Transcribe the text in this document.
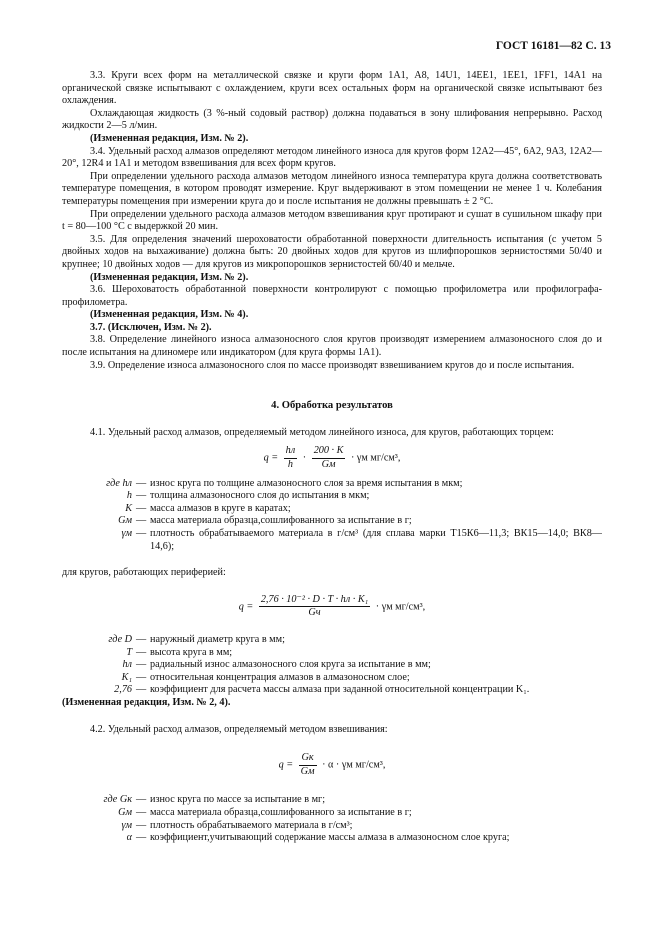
ГОСТ 16181—82 С. 13

3.3. Круги всех форм на металлической связке и круги форм 1А1, А8, 14U1, 14ЕЕ1, 1ЕЕ1, 1FF1, 14А1 на органической связке испытывают с охлаждением, круги всех остальных форм на органической связке испытывают без охлаждения.

Охлаждающая жидкость (3 %-ный содовый раствор) должна подаваться в зону шлифования непрерывно. Расход жидкости 2—5 л/мин.

(Измененная редакция, Изм. № 2).

3.4. Удельный расход алмазов определяют методом линейного износа для кругов форм 12А2—45°, 6А2, 9А3, 12А2—20°, 12R4 и 1А1 и методом взвешивания для всех форм кругов.

При определении удельного расхода алмазов методом линейного износа температура круга должна соответствовать температуре помещения, в котором проводят измерение. Круг выдерживают в этом помещении не менее 1 ч. Колебания температуры помещения при измерении круга до и после испытания не должны превышать ± 2 °С.

При определении удельного расхода алмазов методом взвешивания круг протирают и сушат в сушильном шкафу при t = 80—100 °С с выдержкой 20 мин.

3.5. Для определения значений шероховатости обработанной поверхности длительность испытания (с учетом 5 двойных ходов на выхаживание) должна быть: 20 двойных ходов для кругов из шлифпорошков зернистостями 50/40 и крупнее; 10 двойных ходов — для кругов из микропорошков зернистостей 60/40 и мельче.

(Измененная редакция, Изм. № 2).

3.6. Шероховатость обработанной поверхности контролируют с помощью профилометра или профилографа-профилометра.

(Измененная редакция, Изм. № 4).

3.7. (Исключен, Изм. № 2).

3.8. Определение линейного износа алмазоносного слоя кругов производят измерением алмазоносного слоя до и после испытания на длиномере или индикатором (для круга формы 1А1).

3.9. Определение износа алмазоносного слоя по массе производят взвешиванием кругов до и после испытания.

4. Обработка результатов

4.1. Удельный расход алмазов, определяемый методом линейного износа, для кругов, работающих торцем:

$q = \frac{hл}{h} \cdot \frac{200 \cdot K}{Gм} \cdot \gamma м$ мг/см³,
где hл — износ круга по толщине алмазоносного слоя за время испытания в мкм;
h — толщина алмазоносного слоя до испытания в мкм;
K — масса алмазов в круге в каратах;
Gм — масса материала образца,сошлифованного за испытание в г;
γм — плотность обрабатываемого материала в г/см³ (для сплава марки Т15К6—11,3; ВК15—14,0; ВК8—14,6);

для кругов, работающих периферией:

$q = \frac{\text{2,76 · 10⁻² · D · T · hл · K₁}}{Gч} \cdot \gamma м$ мг/см³,
где D — наружный диаметр круга в мм;
T — высота круга в мм;
hл — радиальный износ алмазоносного слоя круга за испытание в мм;
K₁ — относительная концентрация алмазов в алмазоносном слое;
2,76 — коэффициент для расчета массы алмаза при заданной относительной концентрации K₁.

(Измененная редакция, Изм. № 2, 4).

4.2. Удельный расход алмазов, определяемый методом взвешивания:

$q = \frac{Gк}{Gм} \cdot \alpha \cdot \gamma м$ мг/см³,
где Gк — износ круга по массе за испытание в мг;
Gм — масса материала образца,сошлифованного за испытание в г;
γм — плотность обрабатываемого материала в г/см³;
α — коэффициент,учитывающий содержание массы алмаза в алмазоносном слое круга;
